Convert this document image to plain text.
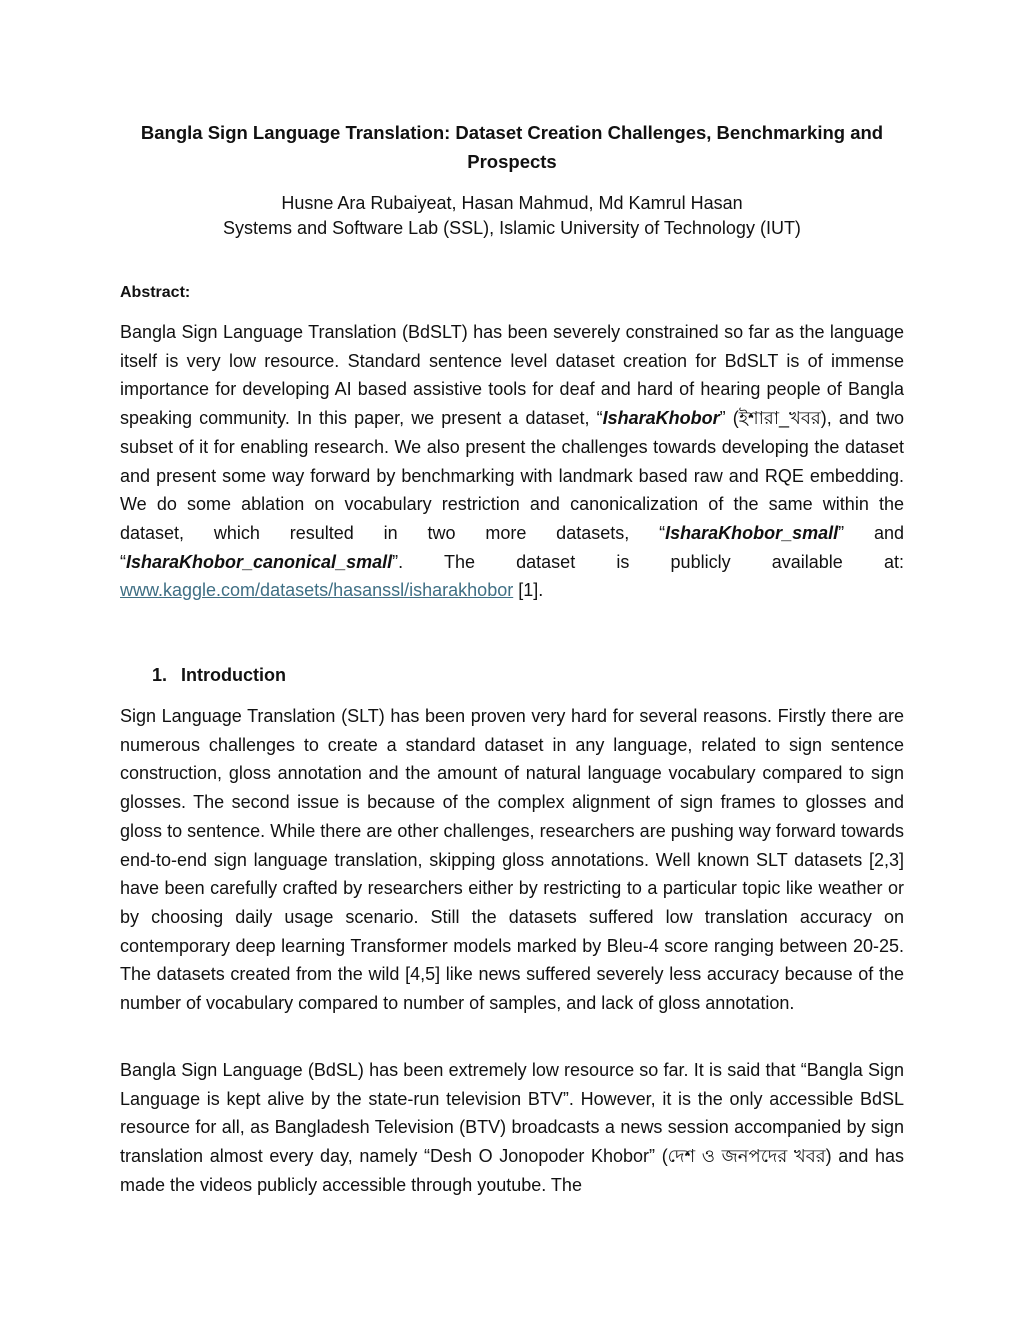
Bangla Sign Language Translation: Dataset Creation Challenges, Benchmarking and Prospects
Husne Ara Rubaiyeat, Hasan Mahmud, Md Kamrul Hasan
Systems and Software Lab (SSL), Islamic University of Technology (IUT)
Abstract:

Bangla Sign Language Translation (BdSLT) has been severely constrained so far as the language itself is very low resource. Standard sentence level dataset creation for BdSLT is of immense importance for developing AI based assistive tools for deaf and hard of hearing people of Bangla speaking community. In this paper, we present a dataset, “IsharaKhobor” (ইশারা_খবর), and two subset of it for enabling research. We also present the challenges towards developing the dataset and present some way forward by benchmarking with landmark based raw and RQE embedding. We do some ablation on vocabulary restriction and canonicalization of the same within the dataset, which resulted in two more datasets, “IsharaKhobor_small” and “IsharaKhobor_canonical_small”. The dataset is publicly available at: www.kaggle.com/datasets/hasanssl/isharakhobor [1].

1. Introduction

Sign Language Translation (SLT) has been proven very hard for several reasons. Firstly there are numerous challenges to create a standard dataset in any language, related to sign sentence construction, gloss annotation and the amount of natural language vocabulary compared to sign glosses. The second issue is because of the complex alignment of sign frames to glosses and gloss to sentence. While there are other challenges, researchers are pushing way forward towards end-to-end sign language translation, skipping gloss annotations. Well known SLT datasets [2,3] have been carefully crafted by researchers either by restricting to a particular topic like weather or by choosing daily usage scenario. Still the datasets suffered low translation accuracy on contemporary deep learning Transformer models marked by Bleu-4 score ranging between 20-25. The datasets created from the wild [4,5] like news suffered severely less accuracy because of the number of vocabulary compared to number of samples, and lack of gloss annotation.

Bangla Sign Language (BdSL) has been extremely low resource so far. It is said that “Bangla Sign Language is kept alive by the state-run television BTV”. However, it is the only accessible BdSL resource for all, as Bangladesh Television (BTV) broadcasts a news session accompanied by sign translation almost every day, namely “Desh O Jonopoder Khobor” (দেশ ও জনপদের খবর) and has made the videos publicly accessible through youtube. The
